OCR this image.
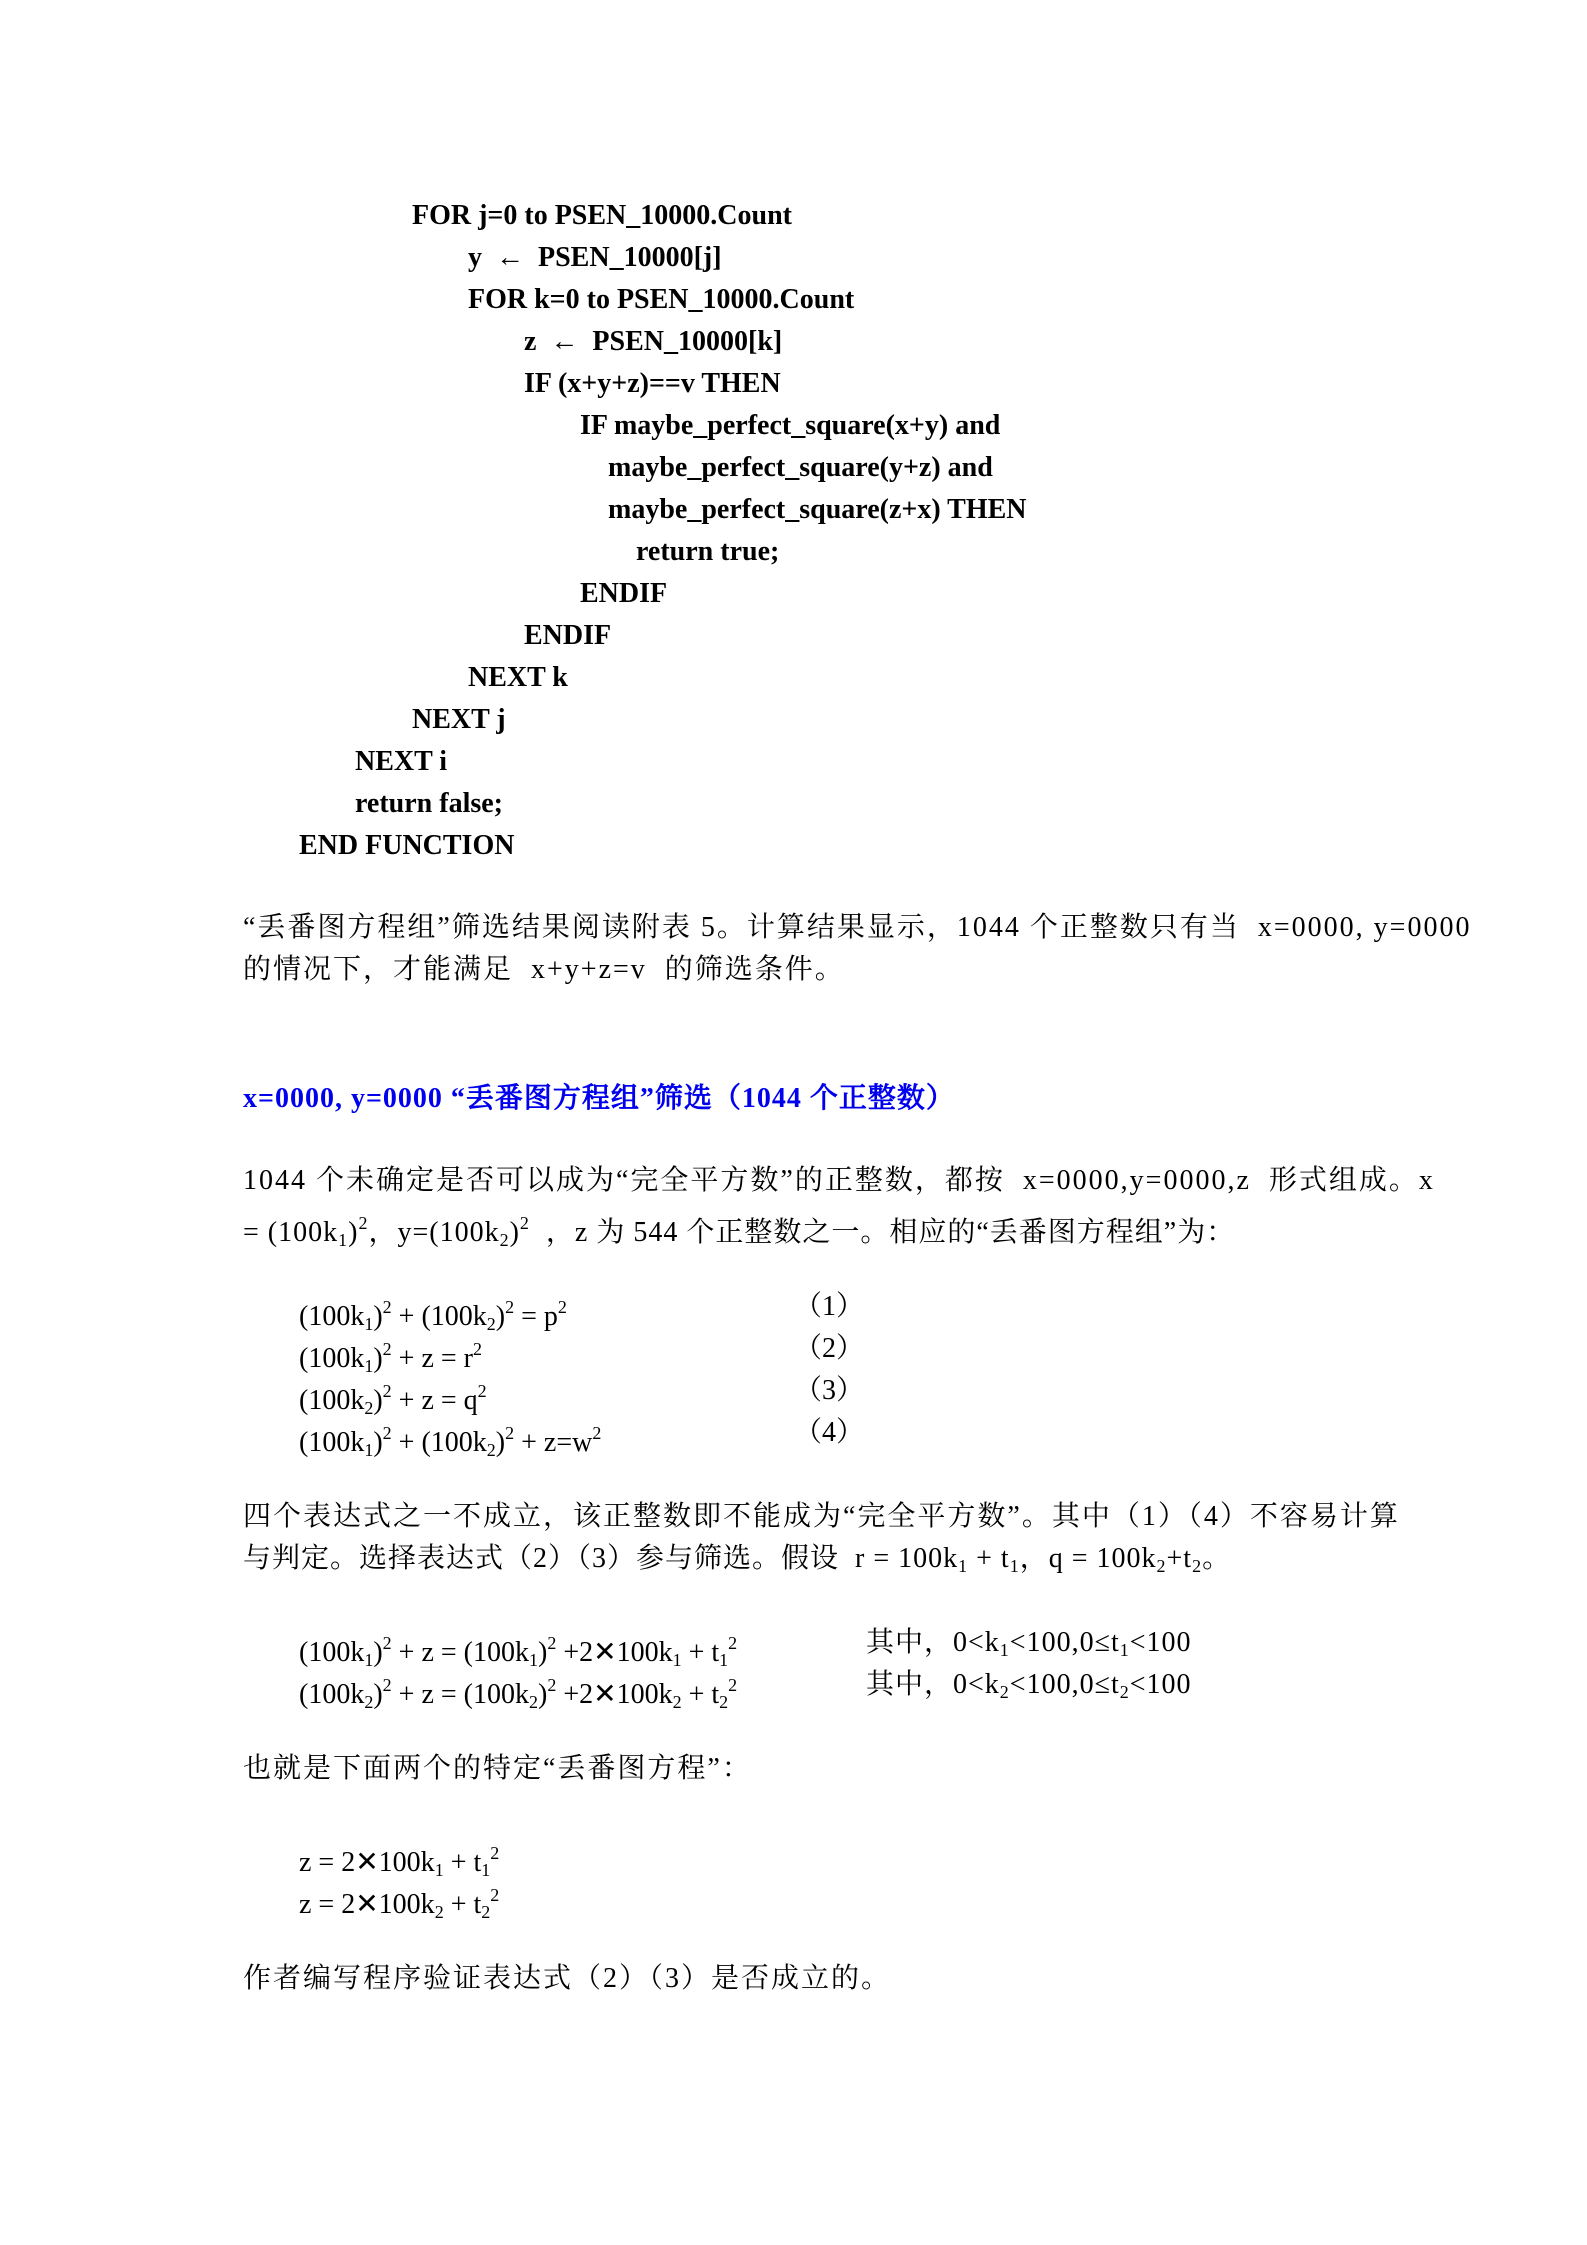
FOR j=0 to PSEN_10000.Count
y  ←  PSEN_10000[j]
FOR k=0 to PSEN_10000.Count
z  ←  PSEN_10000[k]
IF (x+y+z)==v THEN
IF maybe_perfect_square(x+y) and
maybe_perfect_square(y+z) and
maybe_perfect_square(z+x) THEN
return true;
ENDIF
ENDIF
NEXT k
NEXT j
NEXT i
return false;
END FUNCTION
“丢番图方程组”筛选结果阅读附表 5。计算结果显示，1044 个正整数只有当  x=0000, y=0000
的情况下，才能满足  x+y+z=v  的筛选条件。
x=0000, y=0000 “丢番图方程组”筛选（1044 个正整数）
1044 个未确定是否可以成为“完全平方数”的正整数，都按  x=0000,y=0000,z  形式组成。x
= $(100k_1)^2$，$y=(100k_2)^2$  ，z 为 544 个正整数之一。相应的“丢番图方程组”为：
$(100k_1)^2 + (100k_2)^2 = p^2$	（1）
$(100k_1)^2 + z = r^2$	（2）
$(100k_2)^2 + z = q^2$	（3）
$(100k_1)^2 + (100k_2)^2 + z=w^2$	（4）
四个表达式之一不成立，该正整数即不能成为“完全平方数”。其中（1）（4）不容易计算
与判定。选择表达式（2）（3）参与筛选。假设  $r = 100k_1 + t_1$，$q = 100k_2+t_2$。
$(100k_1)^2 + z = (100k_1)^2$ $+2✕100k_1 + t_1^2$	其中，$0<k_1<100,0\le t_1<100$
$(100k_2)^2 + z = (100k_2)^2$ $+2✕100k_2 + t_2^2$	其中，$0<k_2<100,0\le t_2<100$
也就是下面两个的特定“丢番图方程”：
$z = 2✕100k_1 + t_1^2$
$z = 2✕100k_2 + t_2^2$
作者编写程序验证表达式（2）（3）是否成立的。
